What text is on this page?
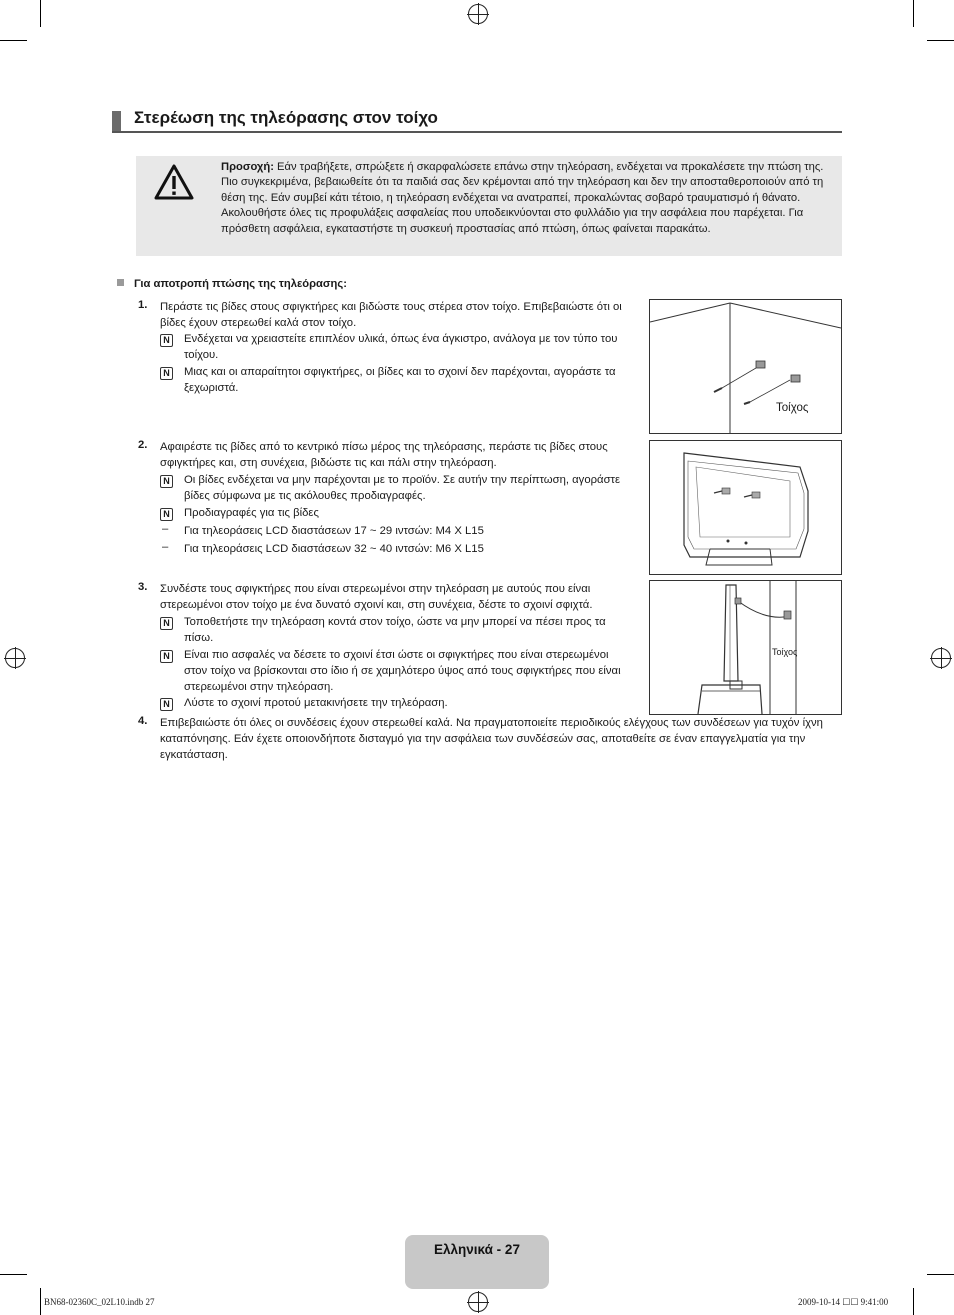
Στερέωση της τηλεόρασης στον τοίχο
Προσοχή: Εάν τραβήξετε, σπρώξετε ή σκαρφαλώσετε επάνω στην τηλεόραση, ενδέχεται να προκαλέσετε την πτώση της. Πιο συγκεκριμένα, βεβαιωθείτε ότι τα παιδιά σας δεν κρέμονται από την τηλεόραση και δεν την αποσταθεροποιούν από τη θέση της. Εάν συμβεί κάτι τέτοιο, η τηλεόραση ενδέχεται να ανατραπεί, προκαλώντας σοβαρό τραυματισμό ή θάνατο. Ακολουθήστε όλες τις προφυλάξεις ασφαλείας που υποδεικνύονται στο φυλλάδιο για την ασφάλεια που παρέχεται. Για πρόσθετη ασφάλεια, εγκαταστήστε τη συσκευή προστασίας από πτώση, όπως φαίνεται παρακάτω.
Για αποτροπή πτώσης της τηλεόρασης:
1. Περάστε τις βίδες στους σφιγκτήρες και βιδώστε τους στέρεα στον τοίχο. Επιβεβαιώστε ότι οι βίδες έχουν στερεωθεί καλά στον τοίχο.
N Ενδέχεται να χρειαστείτε επιπλέον υλικά, όπως ένα άγκιστρο, ανάλογα με τον τύπο του τοίχου.
N Μιας και οι απαραίτητοι σφιγκτήρες, οι βίδες και το σχοινί δεν παρέχονται, αγοράστε τα ξεχωριστά.
2. Αφαιρέστε τις βίδες από το κεντρικό πίσω μέρος της τηλεόρασης, περάστε τις βίδες στους σφιγκτήρες και, στη συνέχεια, βιδώστε τις και πάλι στην τηλεόραση.
N Οι βίδες ενδέχεται να μην παρέχονται με το προϊόν. Σε αυτήν την περίπτωση, αγοράστε βίδες σύμφωνα με τις ακόλουθες προδιαγραφές.
N Προδιαγραφές για τις βίδες
– Για τηλεοράσεις LCD διαστάσεων 17 ~ 29 ιντσών: M4 X L15
– Για τηλεοράσεις LCD διαστάσεων 32 ~ 40 ιντσών: M6 X L15
3. Συνδέστε τους σφιγκτήρες που είναι στερεωμένοι στην τηλεόραση με αυτούς που είναι στερεωμένοι στον τοίχο με ένα δυνατό σχοινί και, στη συνέχεια, δέστε το σχοινί σφιχτά.
N Τοποθετήστε την τηλεόραση κοντά στον τοίχο, ώστε να μην μπορεί να πέσει προς τα πίσω.
N Είναι πιο ασφαλές να δέσετε το σχοινί έτσι ώστε οι σφιγκτήρες που είναι στερεωμένοι στον τοίχο να βρίσκονται στο ίδιο ή σε χαμηλότερο ύψος από τους σφιγκτήρες που είναι στερεωμένοι στην τηλεόραση.
N Λύστε το σχοινί προτού μετακινήσετε την τηλεόραση.
4. Επιβεβαιώστε ότι όλες οι συνδέσεις έχουν στερεωθεί καλά. Να πραγματοποιείτε περιοδικούς ελέγχους των συνδέσεων για τυχόν ίχνη καταπόνησης. Εάν έχετε οποιονδήποτε δισταγμό για την ασφάλεια των συνδέσεών σας, αποταθείτε σε έναν επαγγελματία για την εγκατάσταση.
Τοίχος
Τοίχος
Ελληνικά - 27
BN68-02360C_02L10.indb 27	2009-10-14 ☐☐ 9:41:00
